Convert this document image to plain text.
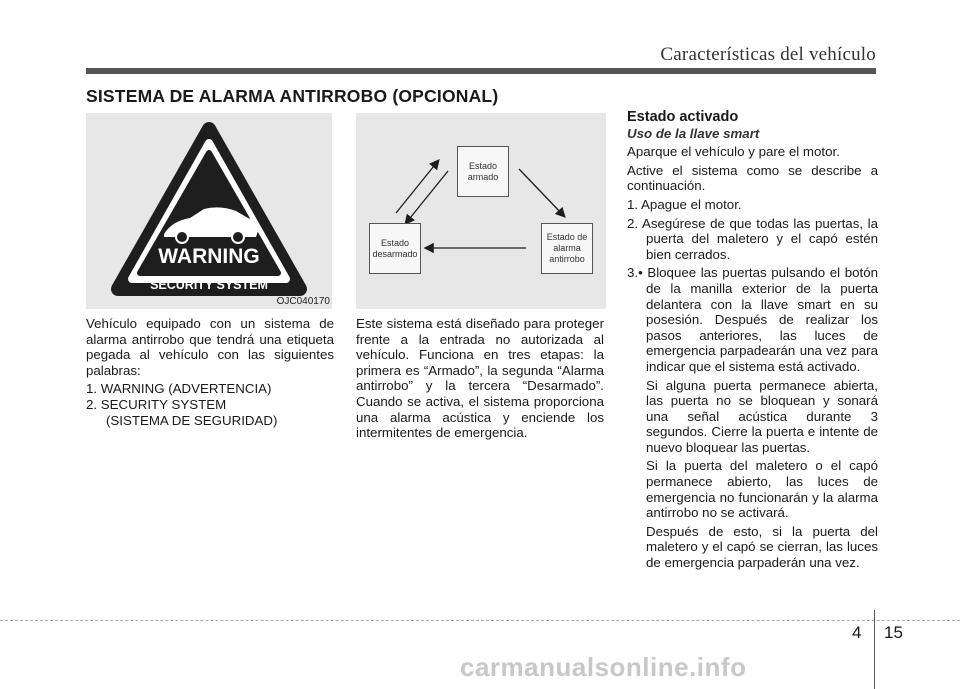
Características del vehículo
SISTEMA DE ALARMA ANTIRROBO (OPCIONAL)
WARNING
SECURITY SYSTEM
OJC040170
Estado armado
Estado desarmado
Estado de alarma antirrobo

Vehículo equipado con un sistema de alarma antirrobo que tendrá una etiqueta pegada al vehículo con las siguientes palabras:

1. WARNING (ADVERTENCIA)
2. SECURITY SYSTEM
(SISTEMA DE SEGURIDAD)

Este sistema está diseñado para proteger frente a la entrada no autorizada al vehículo. Funciona en tres etapas: la primera es “Armado”, la segunda “Alarma antirrobo” y la tercera “Desarmado”. Cuando se activa, el sistema proporciona una alarma acústica y enciende los intermitentes de emergencia.

Estado activado
Uso de la llave smart

Aparque el vehículo y pare el motor.

Active el sistema como se describe a continuación.

1. Apague el motor.

2. Asegúrese de que todas las puertas, la puerta del maletero y el capó estén bien cerrados.

3.• Bloquee las puertas pulsando el botón de la manilla exterior de la puerta delantera con la llave smart en su posesión. Después de realizar los pasos anteriores, las luces de emergencia parpadearán una vez para indicar que el sistema está activado.

Si alguna puerta permanece abierta, las puerta no se bloquean y sonará una señal acústica durante 3 segundos. Cierre la puerta e intente de nuevo bloquear las puertas.

Si la puerta del maletero o el capó permanece abierto, las luces de emergencia no funcionarán y la alarma antirrobo no se activará.

Después de esto, si la puerta del maletero y el capó se cierran, las luces de emergencia parpaderán una vez.

4 15
carmanualsonline.info
